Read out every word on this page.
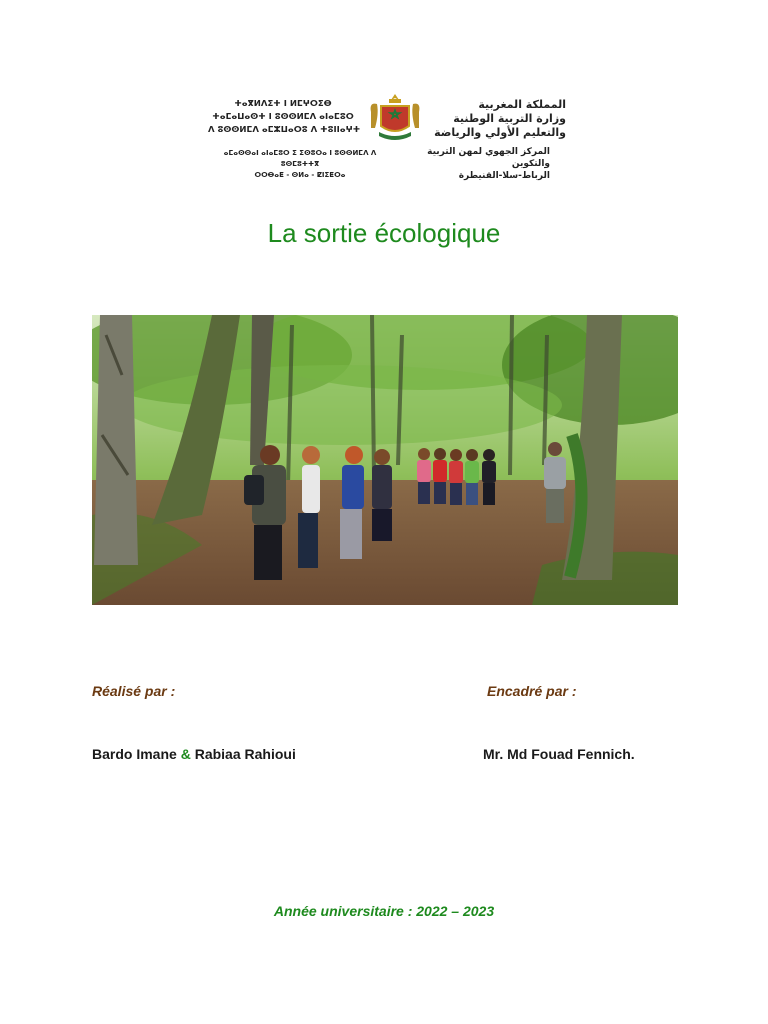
ⵜⴰⴳⵍⴷⵉⵜ ⵏ ⵍⵎⵖⵔⵉⴱ
ⵜⴰⵎⴰⵡⴰⵙⵜ ⵏ ⵓⵙⵙⵍⵎⴷ ⴰⵏⴰⵎⵓⵔ
ⴷ ⵓⵙⵙⵍⵎⴷ ⴰⵎⵣⵡⴰⵔⵓ ⴷ ⵜⵓⵏⵏⴰⵖⵜ
ⴰⵎⴰⵙⵙⴰⵏ ⴰⵏⴰⵎⵓⵔ ⵉ ⵉⵙⵓⵔⴰ ⵏ ⵓⵙⵙⵍⵎⴷ ⴷ ⵓⵙⵎⵓⵜⵜⴳ
ⵔⵔⴱⴰⵟ - ⵙⵍⴰ - ⵇⵏⵉⵟⵔⴰ
المملكة المغربية
وزارة التربية الوطنية
والتعليم الأولي والرياضة
المركز الجهوي لمهن التربية والتكوين
الرباط-سلا-القنيطرة
La sortie écologique
Réalisé par :	Encadré par :
Bardo Imane & Rabiaa Rahioui	Mr. Md Fouad Fennich.
Année universitaire : 2022 – 2023
